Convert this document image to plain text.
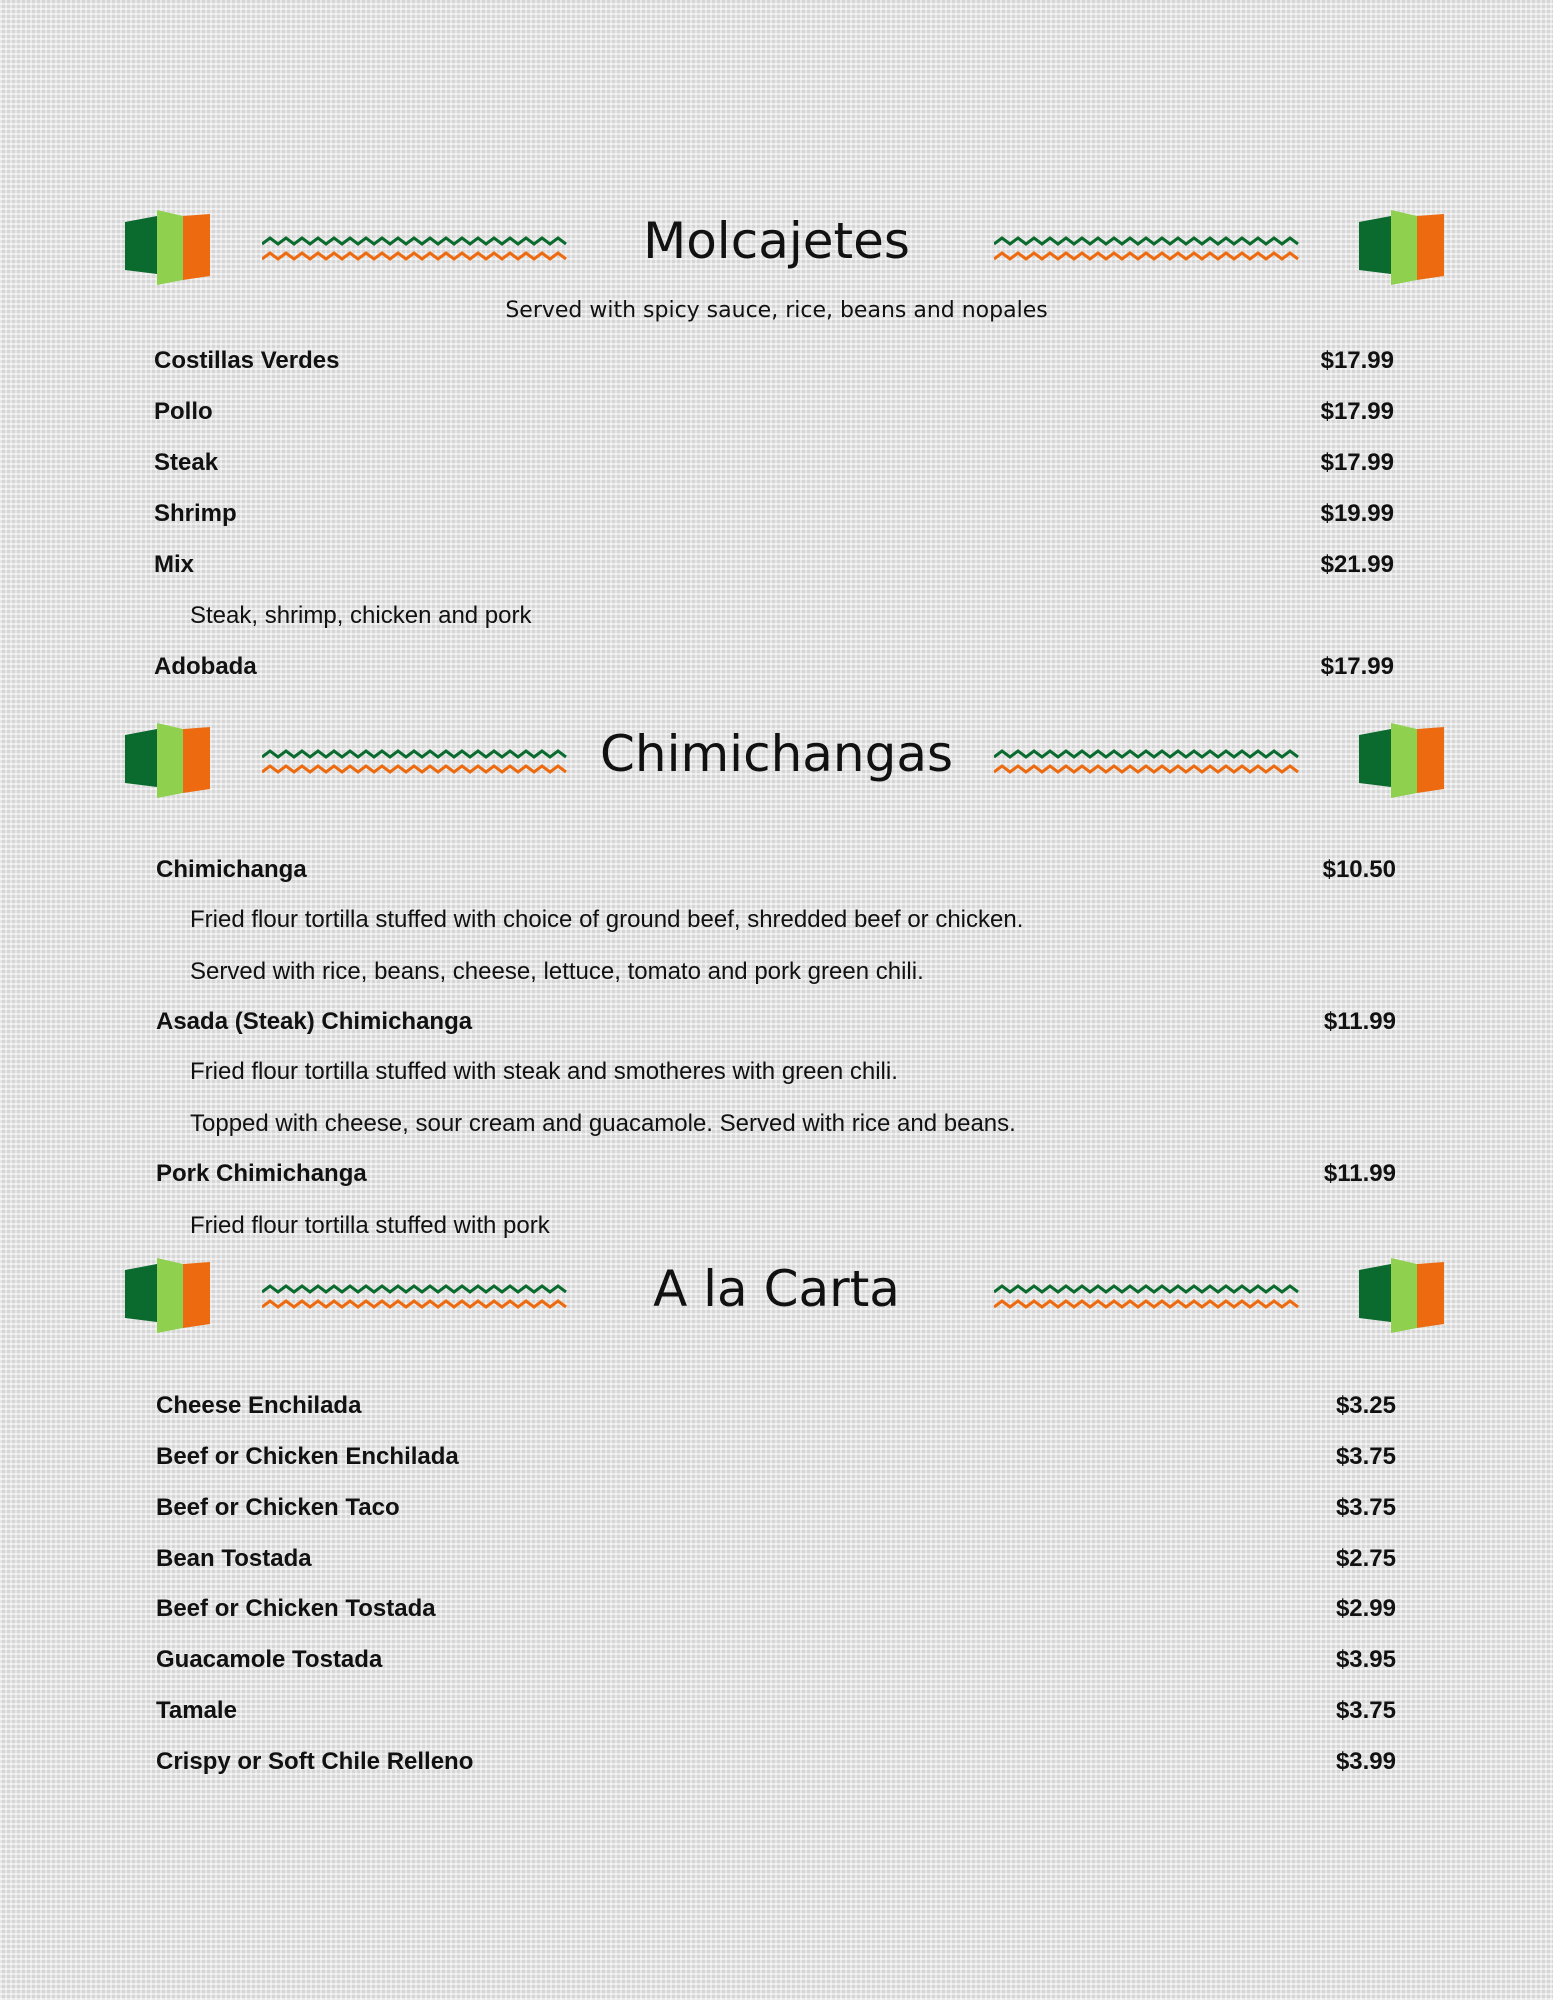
Molcajetes
Served with spicy sauce, rice, beans and nopales
Costillas Verdes	$17.99
Pollo	$17.99
Steak	$17.99
Shrimp	$19.99
Mix	$21.99
Steak, shrimp, chicken and pork
Adobada	$17.99
Chimichangas
Chimichanga	$10.50
Fried flour tortilla stuffed with choice of ground beef, shredded beef or chicken.
Served with rice, beans, cheese, lettuce, tomato and pork green chili.
Asada (Steak) Chimichanga	$11.99
Fried flour tortilla stuffed with steak and smotheres with green chili.
Topped with cheese, sour cream and guacamole. Served with rice and beans.
Pork Chimichanga	$11.99
Fried flour tortilla stuffed with pork
A la Carta
Cheese Enchilada	$3.25
Beef or Chicken Enchilada	$3.75
Beef or Chicken Taco	$3.75
Bean Tostada	$2.75
Beef or Chicken Tostada	$2.99
Guacamole Tostada	$3.95
Tamale	$3.75
Crispy or Soft Chile Relleno	$3.99
